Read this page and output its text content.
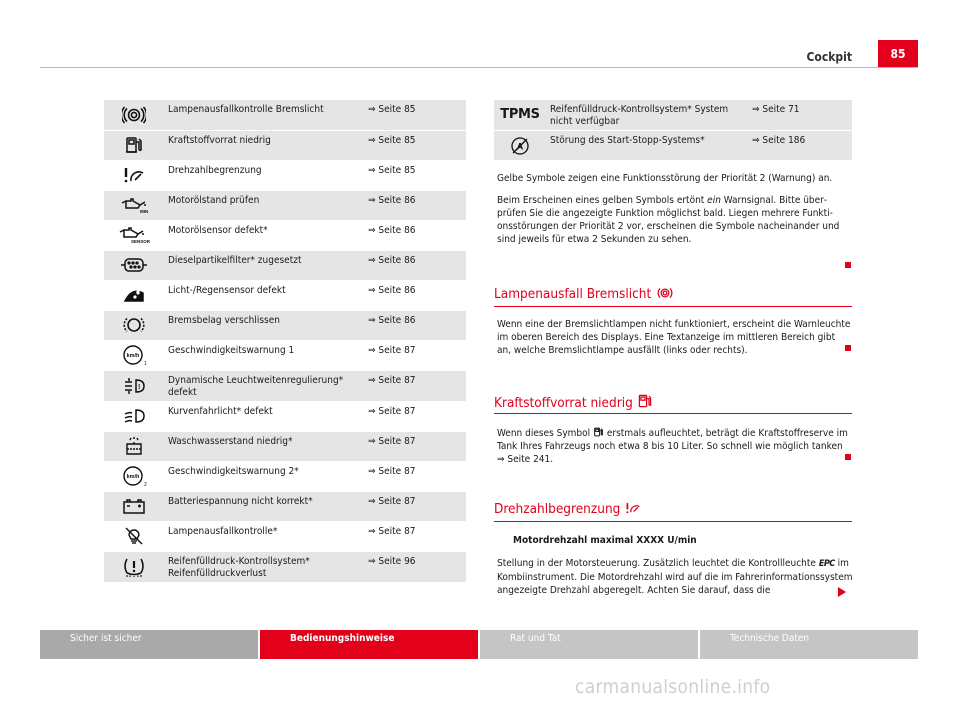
Cockpit	85
	Lampenausfallkontrolle Bremslicht	⇒ Seite 85

	Kraftstoffvorrat niedrig	⇒ Seite 85

	Drehzahlbegrenzung	⇒ Seite 85

MIN	Motorölstand prüfen	⇒ Seite 86

SENSOR	Motorölsensor defekt*	⇒ Seite 86

	Dieselpartikelfilter* zugesetzt	⇒ Seite 86

	Licht-/Regensensor defekt	⇒ Seite 86

	Bremsbelag verschlissen	⇒ Seite 86

km/h
1	Geschwindigkeitswarnung 1	⇒ Seite 87

!	Dynamische Leuchtweitenregulierung* defekt	⇒ Seite 87

	Kurvenfahrlicht* defekt	⇒ Seite 87

	Waschwasserstand niedrig*	⇒ Seite 87

km/h
2	Geschwindigkeitswarnung 2*	⇒ Seite 87

	Batteriespannung nicht korrekt*	⇒ Seite 87

	Lampenausfallkontrolle*	⇒ Seite 87

	Reifenfülldruck-Kontrollsystem* Reifenfülldruckverlust	⇒ Seite 96
TPMS	Reifenfülldruck-Kontrollsystem* System nicht verfügbar	⇒ Seite 71

A	Störung des Start-Stopp-Systems*	⇒ Seite 186
Gelbe Symbole zeigen eine Funktionsstörung der Priorität 2 (Warnung) an.
Beim Erscheinen eines gelben Symbols ertönt ein Warnsignal. Bitte überprüfen Sie die angezeigte Funktion möglichst bald. Liegen mehrere Funktionsstörungen der Priorität 2 vor, erscheinen die Symbole nacheinander und sind jeweils für etwa 2 Sekunden zu sehen.
Lampenausfall Bremslicht
Wenn eine der Bremslichtlampen nicht funktioniert, erscheint die Warnleuchte im oberen Bereich des Displays. Eine Textanzeige im mittleren Bereich gibt an, welche Bremslichtlampe ausfällt (links oder rechts).
Kraftstoffvorrat niedrig
Wenn dieses Symbol  erstmals aufleuchtet, beträgt die Kraftstoffreserve im Tank Ihres Fahrzeugs noch etwa 8 bis 10 Liter. So schnell wie möglich tanken ⇒ Seite 241.
Drehzahlbegrenzung
Motordrehzahl maximal XXXX U/min
Stellung in der Motorsteuerung. Zusätzlich leuchtet die Kontrollleuchte EPC im Kombiinstrument. Die Motordrehzahl wird auf die im Fahrerinformationssystem angezeigte Drehzahl abgeregelt. Achten Sie darauf, dass die
Sicher ist sicher	Bedienungshinweise	Rat und Tat	Technische Daten
carmanualsonline.info
